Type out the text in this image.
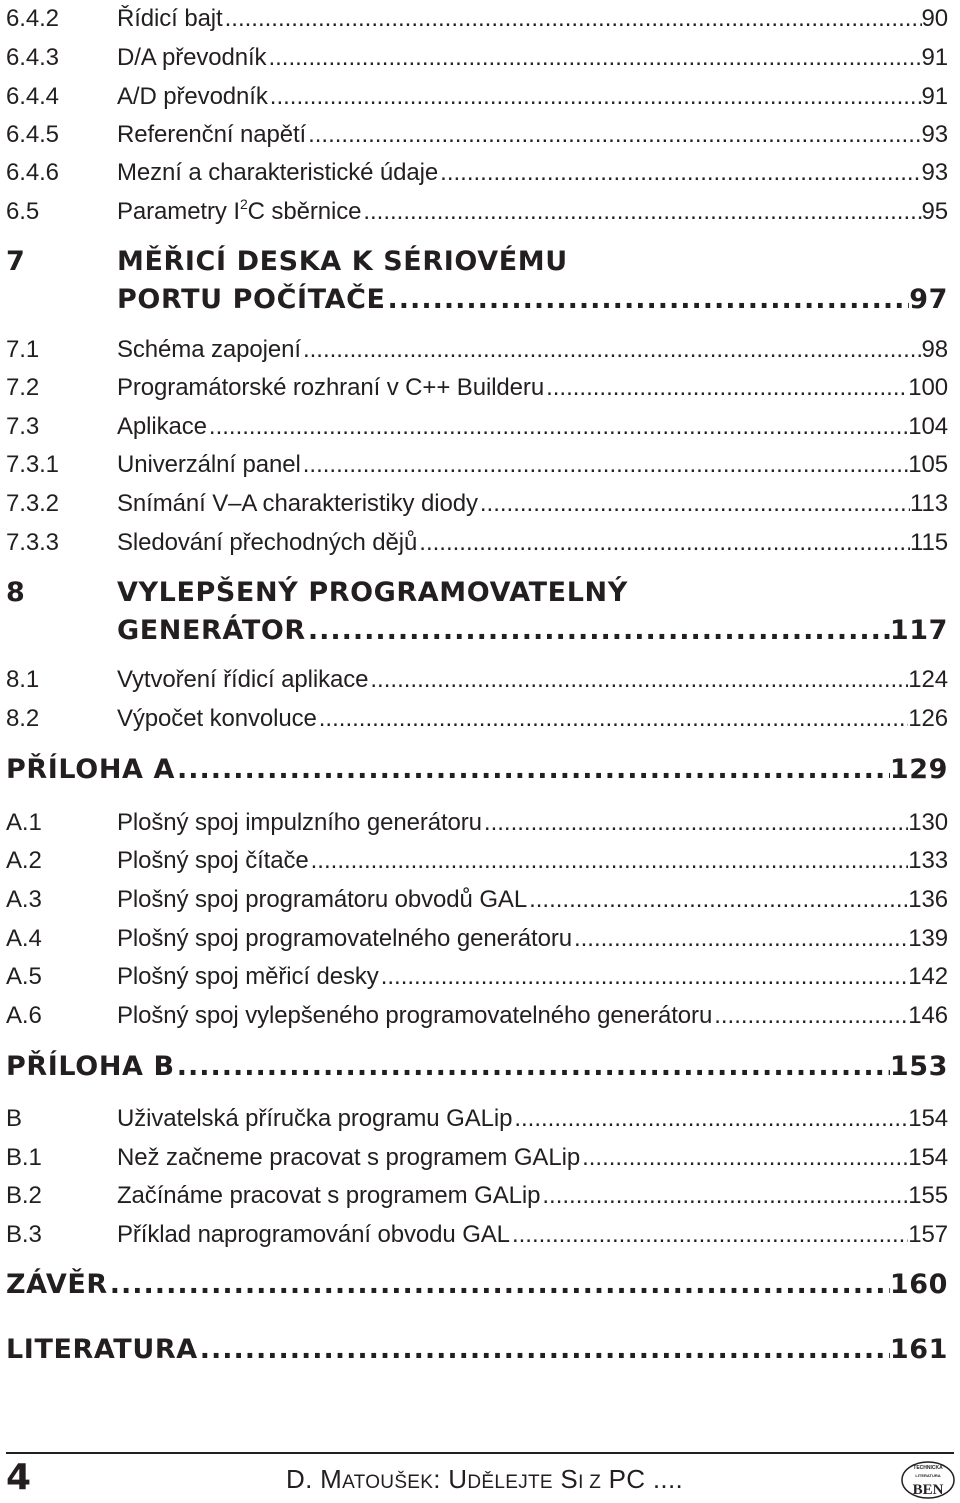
6.4.2	Řídicí bajt .....	90
6.4.3	D/A převodník .....	91
6.4.4	A/D převodník .....	91
6.4.5	Referenční napětí .....	93
6.4.6	Mezní a charakteristické údaje .....	93
6.5	Parametry $I^2C$ sběrnice .....	95
7	MĚŘICÍ DESKA K SÉRIOVÉMU
PORTU POČÍTAČE .....	97
7.1	Schéma zapojení .....	98
7.2	Programátorské rozhraní v C++ Builderu .....	100
7.3	Aplikace .....	104
7.3.1	Univerzální panel .....	105
7.3.2	Snímání V–A charakteristiky diody .....	113
7.3.3	Sledování přechodných dějů .....	115
8	VYLEPŠENÝ PROGRAMOVATELNÝ
GENERÁTOR .....	117
8.1	Vytvoření řídicí aplikace .....	124
8.2	Výpočet konvoluce .....	126
PŘÍLOHA A .....	129
A.1	Plošný spoj impulzního generátoru .....	130
A.2	Plošný spoj čítače .....	133
A.3	Plošný spoj programátoru obvodů GAL .....	136
A.4	Plošný spoj programovatelného generátoru .....	139
A.5	Plošný spoj měřicí desky .....	142
A.6	Plošný spoj vylepšeného programovatelného generátoru .....	146
PŘÍLOHA B .....	153
B	Uživatelská příručka programu GALip .....	154
B.1	Než začneme pracovat s programem GALip .....	154
B.2	Začínáme pracovat s programem GALip .....	155
B.3	Příklad naprogramování obvodu GAL .....	157
ZÁVĚR .....	160
LITERATURA .....	161
4	D. MATOUŠEK: UDĚLEJTE SI Z PC ....	TECHNICKÁ
LITERATURA
BEN
